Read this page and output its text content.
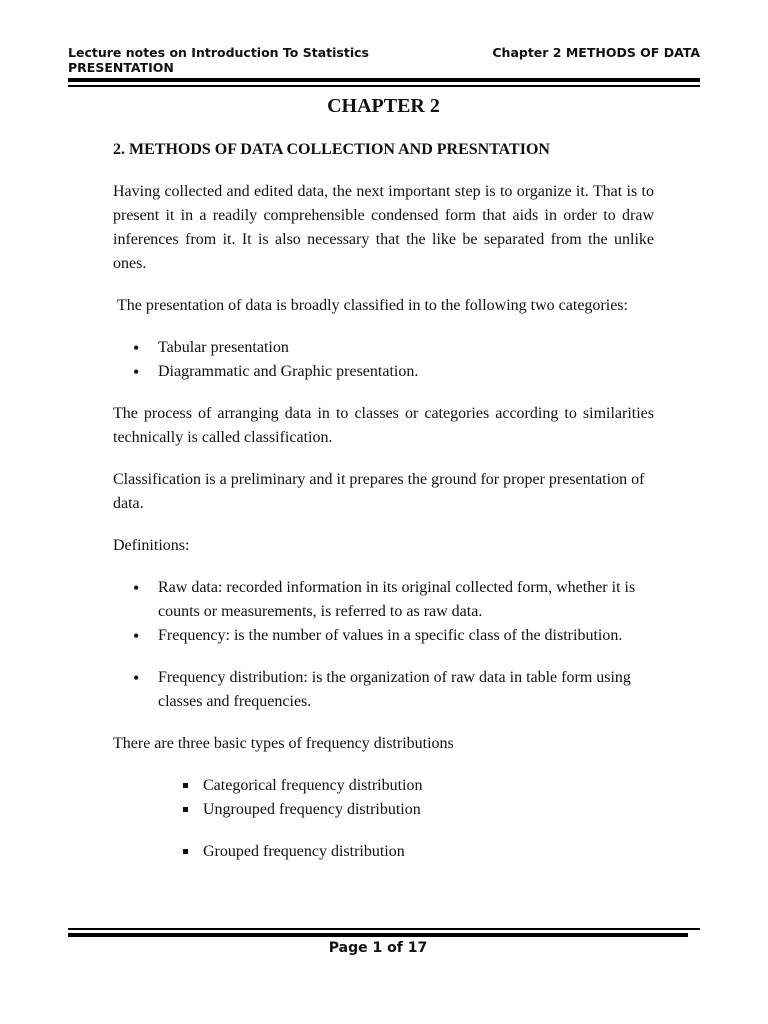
Lecture notes on Introduction To Statistics PRESENTATION
Chapter 2 METHODS OF DATA
CHAPTER 2
2. METHODS OF DATA COLLECTION AND PRESNTATION

Having collected and edited data, the next important step is to organize it. That is to present it in a readily comprehensible condensed form that aids in order to draw inferences from it. It is also necessary that the like be separated from the unlike ones.

The presentation of data is broadly classified in to the following two categories:

• Tabular presentation
• Diagrammatic and Graphic presentation.

The process of arranging data in to classes or categories according to similarities technically is called classification.

Classification is a preliminary and it prepares the ground for proper presentation of data.

Definitions:

• Raw data: recorded information in its original collected form, whether it is counts or measurements, is referred to as raw data.
• Frequency: is the number of values in a specific class of the distribution.
• Frequency distribution: is the organization of raw data in table form using classes and frequencies.

There are three basic types of frequency distributions

Categorical frequency distribution
Ungrouped frequency distribution
Grouped frequency distribution
Page 1 of 17
